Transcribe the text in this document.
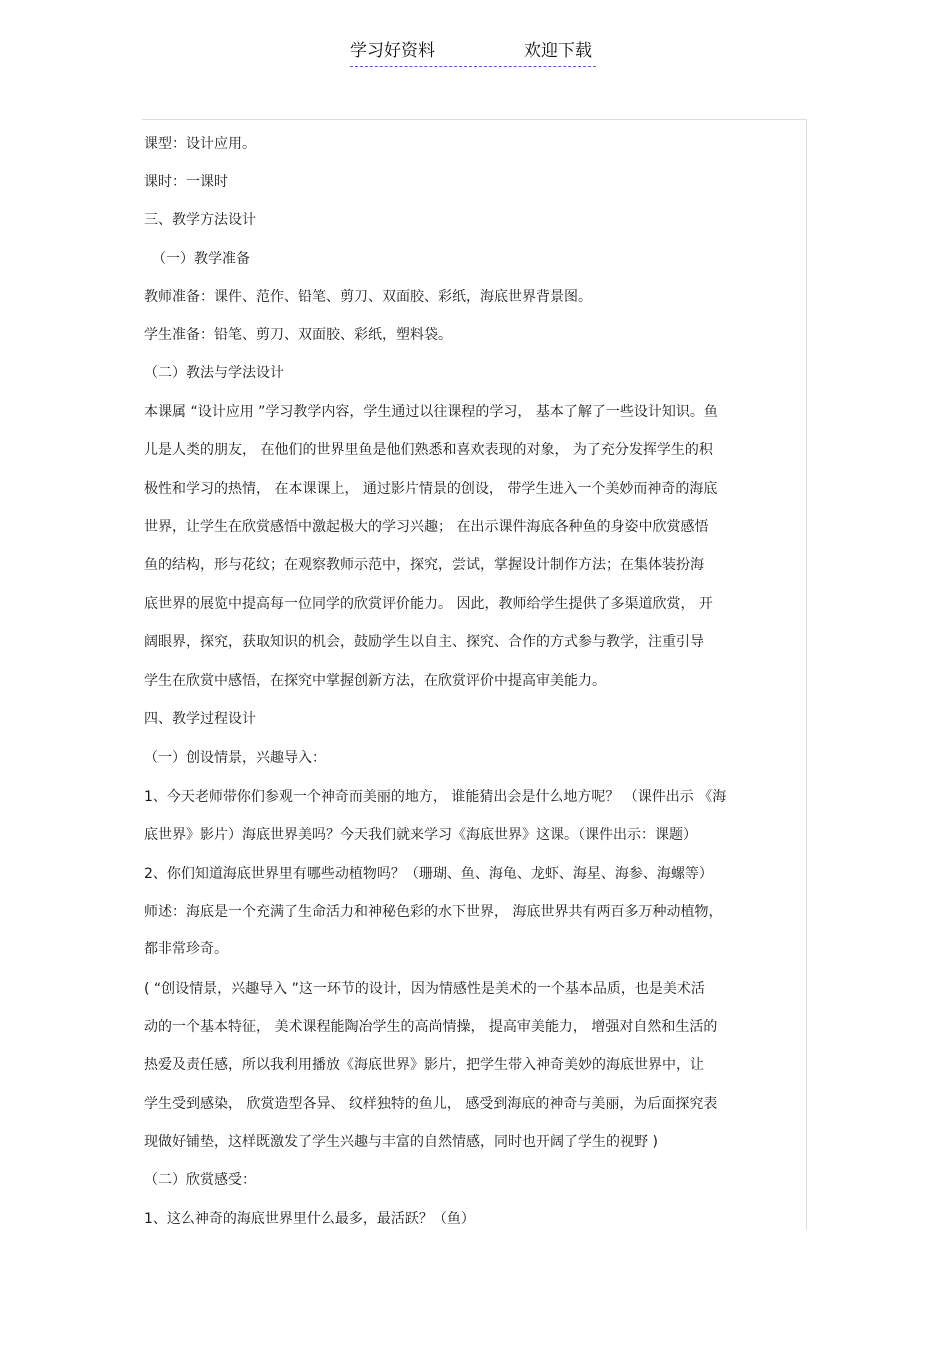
学习好资料	欢迎下载
课型：设计应用。
课时：一课时
三、教学方法设计
（一）教学准备
教师准备：课件、范作、铅笔、剪刀、双面胶、彩纸，海底世界背景图。
学生准备：铅笔、剪刀、双面胶、彩纸，塑料袋。
（二）教法与学法设计
本课属 “设计应用 ”学习教学内容，学生通过以往课程的学习， 基本了解了一些设计知识。鱼
儿是人类的朋友， 在他们的世界里鱼是他们熟悉和喜欢表现的对象， 为了充分发挥学生的积
极性和学习的热情， 在本课课上， 通过影片情景的创设， 带学生进入一个美妙而神奇的海底
世界，让学生在欣赏感悟中激起极大的学习兴趣； 在出示课件海底各种鱼的身姿中欣赏感悟
鱼的结构，形与花纹；在观察教师示范中，探究，尝试，掌握设计制作方法；在集体装扮海
底世界的展览中提高每一位同学的欣赏评价能力。 因此，教师给学生提供了多渠道欣赏， 开
阔眼界，探究，获取知识的机会，鼓励学生以自主、探究、合作的方式参与教学，注重引导
学生在欣赏中感悟，在探究中掌握创新方法，在欣赏评价中提高审美能力。
四、教学过程设计
（一）创设情景，兴趣导入：
1、今天老师带你们参观一个神奇而美丽的地方， 谁能猜出会是什么地方呢？ （课件出示 《海
底世界》影片）海底世界美吗？今天我们就来学习《海底世界》这课。（课件出示：课题）
2、你们知道海底世界里有哪些动植物吗？（珊瑚、鱼、海龟、龙虾、海星、海参、海螺等）
师述：海底是一个充满了生命活力和神秘色彩的水下世界， 海底世界共有两百多万种动植物，
都非常珍奇。
( “创设情景，兴趣导入 ”这一环节的设计，因为情感性是美术的一个基本品质，也是美术活
动的一个基本特征， 美术课程能陶冶学生的高尚情操， 提高审美能力， 增强对自然和生活的
热爱及责任感，所以我利用播放《海底世界》影片，把学生带入神奇美妙的海底世界中，让
学生受到感染， 欣赏造型各异、 纹样独特的鱼儿， 感受到海底的神奇与美丽，为后面探究表
现做好铺垫，这样既激发了学生兴趣与丰富的自然情感，同时也开阔了学生的视野 )
（二）欣赏感受：
1、这么神奇的海底世界里什么最多，最活跃？（鱼）
